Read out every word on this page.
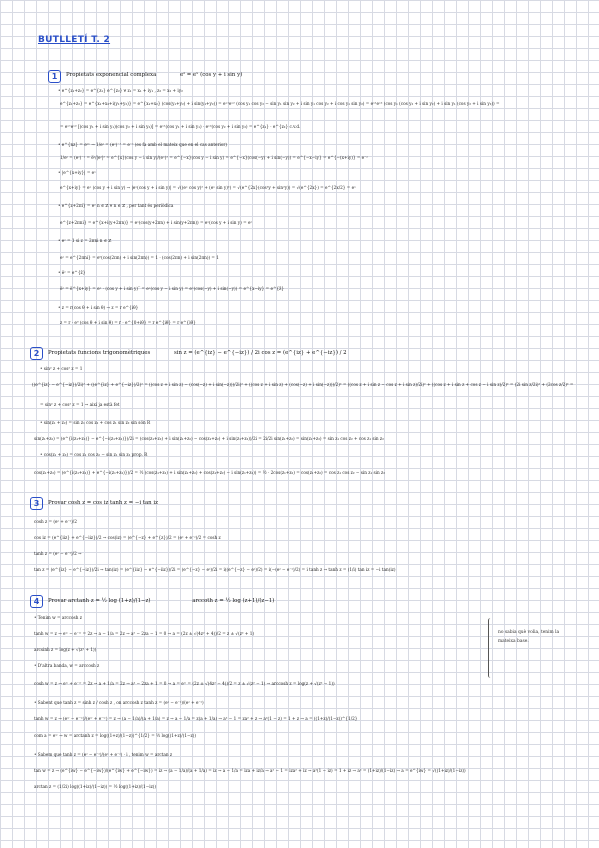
BUTLLETÍ T. 2
1	Propietats exponencial complexa	eᶻ = eˣ (cos y + i sin y)
• e^{z₁+z₂} = e^{z₁} e^{z₂} ∀ z₁ = x₁ + iy₁ , z₂ = x₂ + iy₂
e^{z₁+z₂} = e^{x₁+x₂+i(y₁+y₂)} = e^{x₁+x₂} (cos(y₁+y₂) + i sin(y₁+y₂)) = eˣ¹eˣ² (cos y₁ cos y₂ − sin y₁ sin y₂ + i sin y₁ cos y₂ + i cos y₁ sin y₂) = eˣ¹eˣ² (cos y₁ (cos y₂ + i sin y₂) + i sin y₁ (cos y₂ + i sin y₂)) =
= eˣ¹eˣ² [(cos y₁ + i sin y₁)(cos y₂ + i sin y₂)] = eˣ¹(cos y₁ + i sin y₁) · eˣ²(cos y₂ + i sin y₂) = e^{z₁} · e^{z₂} c.v.d.
• e^{nz} = eᶻⁿ → 1/eᶻ = (eᶻ)⁻¹ = e⁻ᶻ (es fa amb el mateix que en el cas anterior)
1/eᶻ = (eᶻ)⁻¹ = e̅ᶻ/|eᶻ|² = e^{x}(cos y − i sin y)/(eˣ)² = e^{−x}(cos y − i sin y) = e^{−x}(cos(−y) + i sin(−y)) = e^{−x−iy} = e^{−(x+iy)} = e⁻ᶻ
• |e^{x+iy}| = eˣ
e^{x+iy} = eˣ (cos y + i sin y) → |eˣ(cos y + i sin y)| = √((eˣ cos y)² + (eˣ sin y)²) = √(e^{2x}(cos²y + sin²y)) = √(e^{2x}) = e^{2x/2} = eˣ
• e^{z+2πi} = eᶻ n ∈ ℤ ∀ n ∈ ℤ , per tant és periòdica
e^{z+2πni} = e^{x+i(y+2πn)} = eˣ(cos(y+2πn) + i sin(y+2πn)) = eˣ(cos y + i sin y) = eᶻ
• eᶻ = 1 si z = 2πni n ∈ ℤ
eᶻ = e^{2πni} = e⁰(cos(2πn) + i sin(2πn)) = 1 · (cos(2πn) + i sin(2πn)) = 1
• e̅ᶻ = e^{z̄}
e̅ᶻ = e̅^{x+iy} = eˣ · (cos y + i sin y)‾ = eˣ(cos y − i sin y) = eˣ(cos(−y) + i sin(−y)) = e^{x−iy} = e^{z̄}
• z = r(cos θ + i sin θ) → z = r e^{iθ}
z = r · e⁰ (cos θ + i sin θ) = r · e^{0+iθ} = r e^{iθ} = r e^{iθ}
2	Propietats funcions trigonomètriques	sin z = (e^{iz} − e^{−iz}) / 2i cos z = (e^{iz} + e^{−iz}) / 2
• sin² z + cos² z = 1
((e^{iz} − e^{−iz})/2i)² + ((e^{iz} + e^{−iz})/2)² = ((cos z + i sin z) − (cos(−z) + i sin(−z)))/2i)² + ((cos z + i sin z) + (cos(−z) + i sin(−z)))/2)² = ((cos z + i sin z − cos z + i sin z)/2i)² + ((cos z + i sin z + cos z − i sin z)/2)² = (2i sin z/2i)² + (2cos z/2)² =
= sin² z + cos² z = 1 → així ja està fet
• sin(z₁ + z₂) = sin z₁ cos z₂ + cos z₁ sin z₂ sin són R
sin(z₁+z₂) = (e^{i(z₁+z₂)} − e^{−i(z₁+z₂)})/2i = (cos(z₁+z₂) + i sin(z₁+z₂) − cos(z₁+z₂) + i sin(z₁+z₂))/2i = 2i/2i sin(z₁+z₂) = sin(z₁+z₂) = sin z₁ cos z₂ + cos z₁ sin z₂
• cos(z₁ + z₂) = cos z₁ cos z₂ − sin z₁ sin z₂ prop. R
cos(z₁+z₂) = (e^{i(z₁+z₂)} + e^{−i(z₁+z₂)})/2 = ½ (cos(z₁+z₂) + i sin(z₁+z₂) + cos(z₁+z₂) − i sin(z₁+z₂)) = ½ · 2cos(z₁+z₂) = cos(z₁+z₂) = cos z₁ cos z₂ − sin z₁ sin z₂
3	Provar cosh z = cos iz tanh z = −i tan iz
cosh z = (eᶻ + e⁻ᶻ)/2
cos iz = (e^{iiz} + e^{−iiz})/2 → cos(iz) = (e^{−z} + e^{z})/2 = (eᶻ + e⁻ᶻ)/2 = cosh z
tanh z = (eᶻ − e⁻ᶻ)/2 →
tan z = (e^{iz} − e^{−iz})/2i → tan(iz) = (e^{iiz} − e^{−iiz})/2i = (e^{−z} − eᶻ)/2i = i((e^{−z} − eᶻ)/2) = i(−(eᶻ − e⁻ᶻ)/2) = i tanh z → tanh z = (1/i) tan iz = −i tan(iz)
4	Provar arctanh z = ½ log (1+z)/(1−z)	arccoth z = ½ log (z+1)/(z−1)
• Tenim w = arccosh z
tanh w = z → eʷ − e⁻ʷ = 2z → a − 1/a = 2z → a² − 2za − 1 = 0 → a = (2z ± √(4z² + 4))/2 = z ± √(z² + 1)
arcsinh z = log(z + √(z² + 1))
• D'altra banda, w = arccosh z
cosh w = z → eʷ + e⁻ʷ = 2z → a + 1/a = 2z → a² − 2za + 1 = 0 → a = eʷ = (2z ± √(4z² − 4))/2 = z ± √(z² − 1) → arccosh z = log(z + √(z² − 1))
• Sabent que tanh z = sinh z / cosh z , on arccosh z tanh z = (eᶻ − e⁻ᶻ)/(eᶻ + e⁻ᶻ)
tanh w = z → (eʷ − e⁻ʷ)/(eʷ + e⁻ʷ) = z → (a − 1/a)/(a + 1/a) = z → a − 1/a = z(a + 1/a) → a² − 1 = za² + z → a²(1 − z) = 1 + z → a = ((1+z)/(1−z))^{1/2}
com a = eʷ → w = arctanh z = log((1+z)/(1−z))^{1/2} = ½ log((1+z)/(1−z))
• Sabem que tanh z = (eᶻ − e⁻ᶻ)/(eᶻ + e⁻ᶻ) · i , tenim w = arctan z
tan w = z → (e^{iw} − e^{−iw})/(e^{iw} + e^{−iw}) = iz → (a − 1/a)/(a + 1/a) = iz → a − 1/a = iza + iz/a → a² − 1 = iza² + iz → a²(1 − iz) = 1 + iz → a² = (1+iz)/(1−iz) → a = e^{iw} = √((1+iz)/(1−iz))
arctan z = (1/2i) log((1+iz)/(1−iz)) = ½ log((1+iz)/(1−iz))
no sabia què volia, tenim la mateixa base.
